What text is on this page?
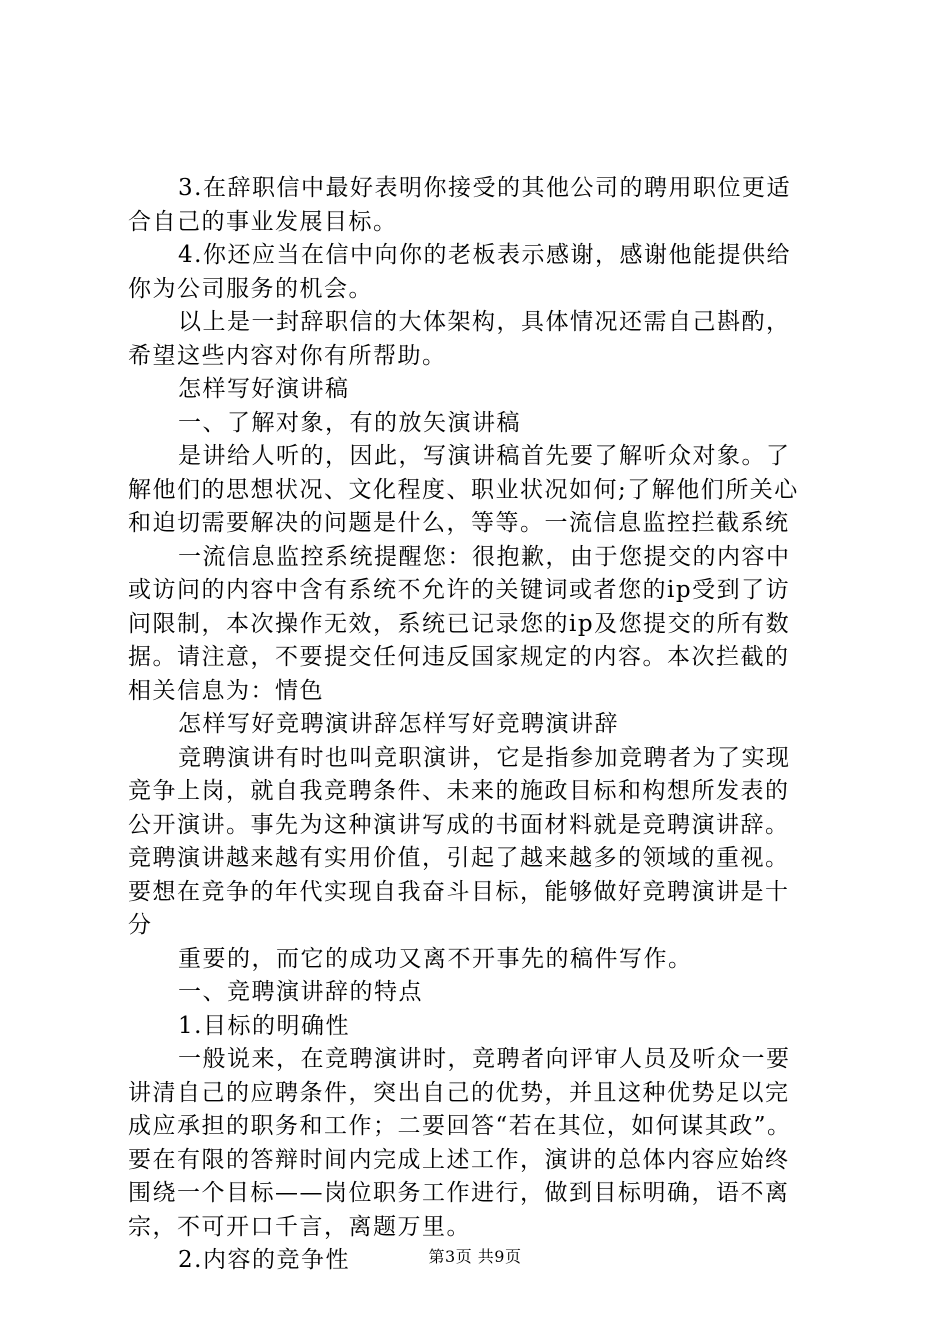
3.在辞职信中最好表明你接受的其他公司的聘用职位更适
合自己的事业发展目标。
4.你还应当在信中向你的老板表示感谢，感谢他能提供给
你为公司服务的机会。
以上是一封辞职信的大体架构，具体情况还需自己斟酌，
希望这些内容对你有所帮助。
怎样写好演讲稿
一、了解对象，有的放矢演讲稿
是讲给人听的，因此，写演讲稿首先要了解听众对象。了
解他们的思想状况、文化程度、职业状况如何;了解他们所关心
和迫切需要解决的问题是什么，等等。一流信息监控拦截系统
一流信息监控系统提醒您：很抱歉，由于您提交的内容中
或访问的内容中含有系统不允许的关键词或者您的ip受到了访
问限制，本次操作无效，系统已记录您的ip及您提交的所有数
据。请注意，不要提交任何违反国家规定的内容。本次拦截的
相关信息为：情色
怎样写好竞聘演讲辞怎样写好竞聘演讲辞
竞聘演讲有时也叫竞职演讲，它是指参加竞聘者为了实现
竞争上岗，就自我竞聘条件、未来的施政目标和构想所发表的
公开演讲。事先为这种演讲写成的书面材料就是竞聘演讲辞。
竞聘演讲越来越有实用价值，引起了越来越多的领域的重视。
要想在竞争的年代实现自我奋斗目标，能够做好竞聘演讲是十
分
重要的，而它的成功又离不开事先的稿件写作。
一、竞聘演讲辞的特点
1.目标的明确性
一般说来，在竞聘演讲时，竞聘者向评审人员及听众一要
讲清自己的应聘条件，突出自己的优势，并且这种优势足以完
成应承担的职务和工作；二要回答“若在其位，如何谋其政”。
要在有限的答辩时间内完成上述工作，演讲的总体内容应始终
围绕一个目标——岗位职务工作进行，做到目标明确，语不离
宗，不可开口千言，离题万里。
2.内容的竞争性	第3页 共9页
